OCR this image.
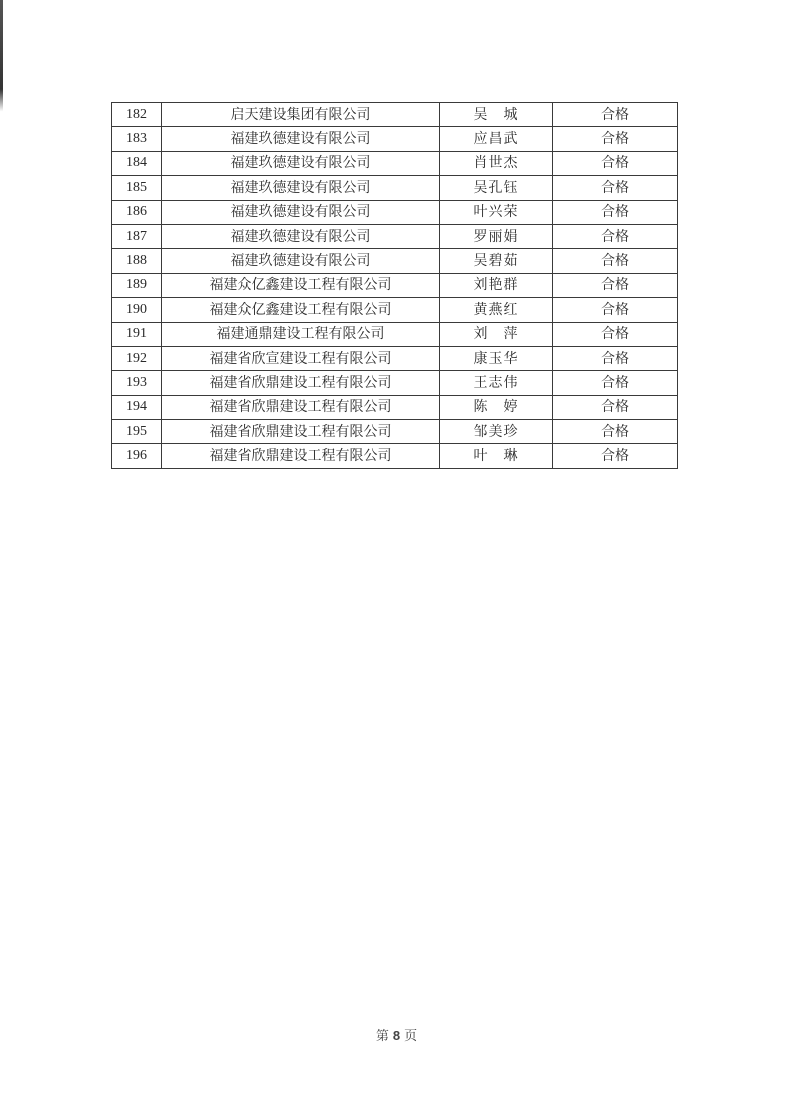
182	启天建设集团有限公司	吴　城	合格
183	福建玖德建设有限公司	应昌武	合格
184	福建玖德建设有限公司	肖世杰	合格
185	福建玖德建设有限公司	吴孔钰	合格
186	福建玖德建设有限公司	叶兴荣	合格
187	福建玖德建设有限公司	罗丽娟	合格
188	福建玖德建设有限公司	吴碧茹	合格
189	福建众亿鑫建设工程有限公司	刘艳群	合格
190	福建众亿鑫建设工程有限公司	黄燕红	合格
191	福建通鼎建设工程有限公司	刘　萍	合格
192	福建省欣宣建设工程有限公司	康玉华	合格
193	福建省欣鼎建设工程有限公司	王志伟	合格
194	福建省欣鼎建设工程有限公司	陈　婷	合格
195	福建省欣鼎建设工程有限公司	邹美珍	合格
196	福建省欣鼎建设工程有限公司	叶　琳	合格
第 8 页
